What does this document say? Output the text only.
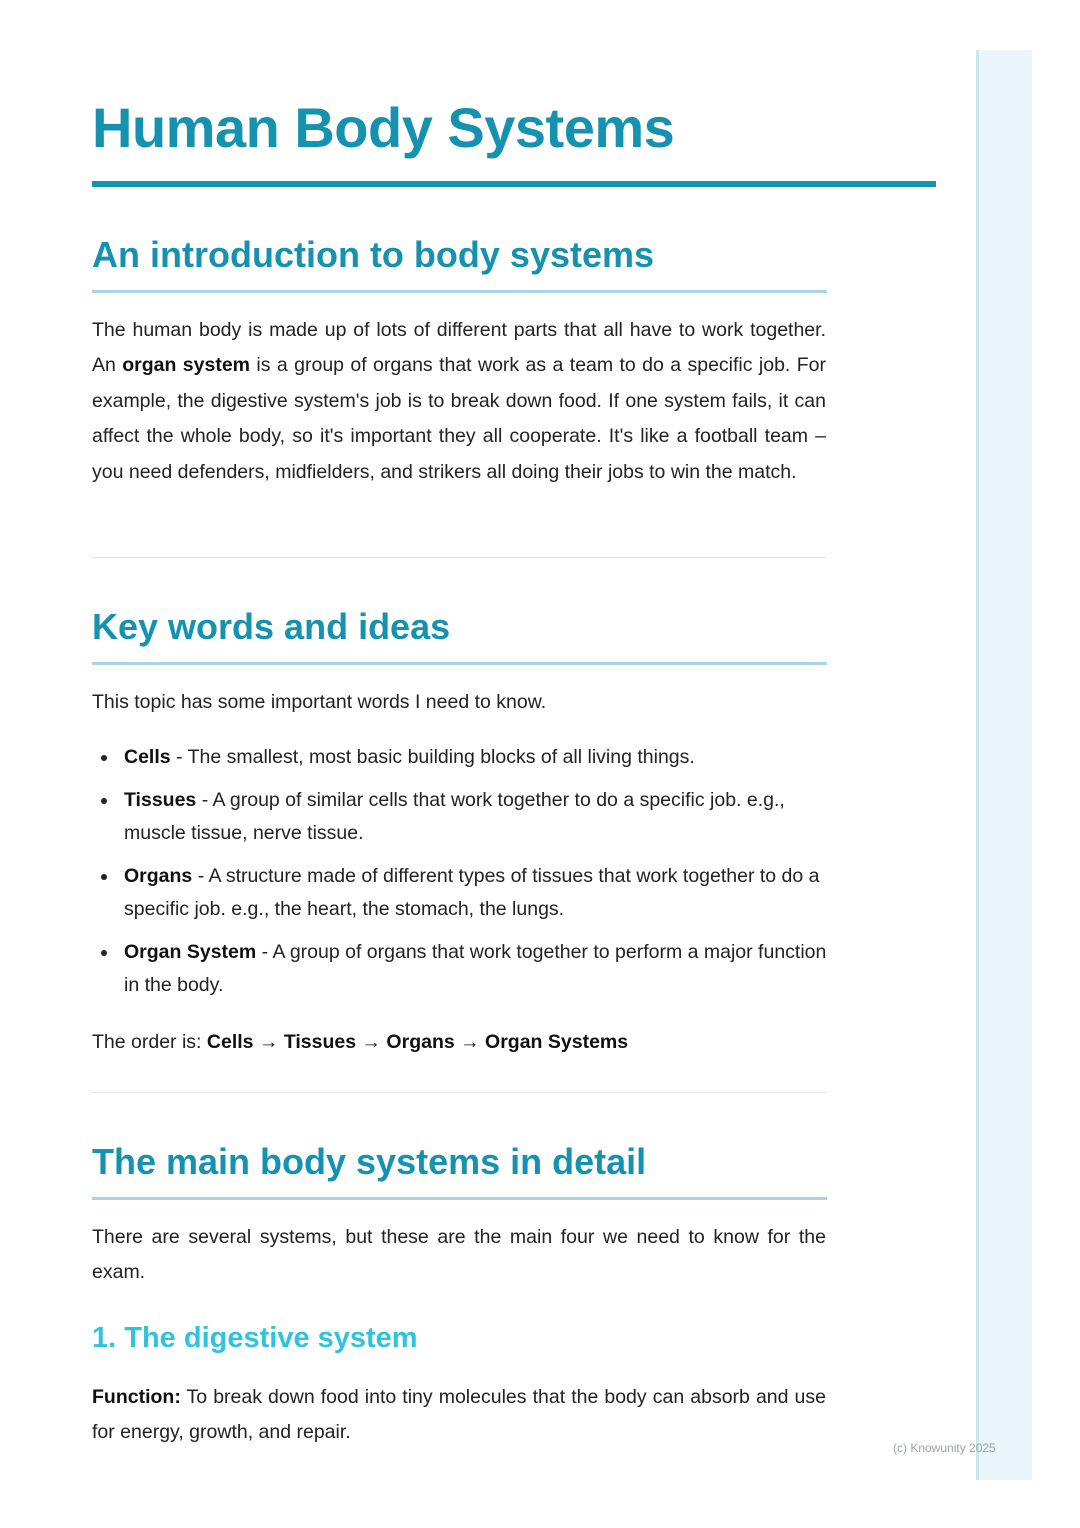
Human Body Systems
An introduction to body systems

The human body is made up of lots of different parts that all have to work together. An organ system is a group of organs that work as a team to do a specific job. For example, the digestive system's job is to break down food. If one system fails, it can affect the whole body, so it's important they all cooperate. It's like a football team – you need defenders, midfielders, and strikers all doing their jobs to win the match.

Key words and ideas

This topic has some important words I need to know.

Cells - The smallest, most basic building blocks of all living things.
Tissues - A group of similar cells that work together to do a specific job. e.g., muscle tissue, nerve tissue.
Organs - A structure made of different types of tissues that work together to do a specific job. e.g., the heart, the stomach, the lungs.
Organ System - A group of organs that work together to perform a major function in the body.

The order is: Cells → Tissues → Organs → Organ Systems

The main body systems in detail

There are several systems, but these are the main four we need to know for the exam.

1. The digestive system

Function: To break down food into tiny molecules that the body can absorb and use for energy, growth, and repair.

(c) Knowunity 2025
